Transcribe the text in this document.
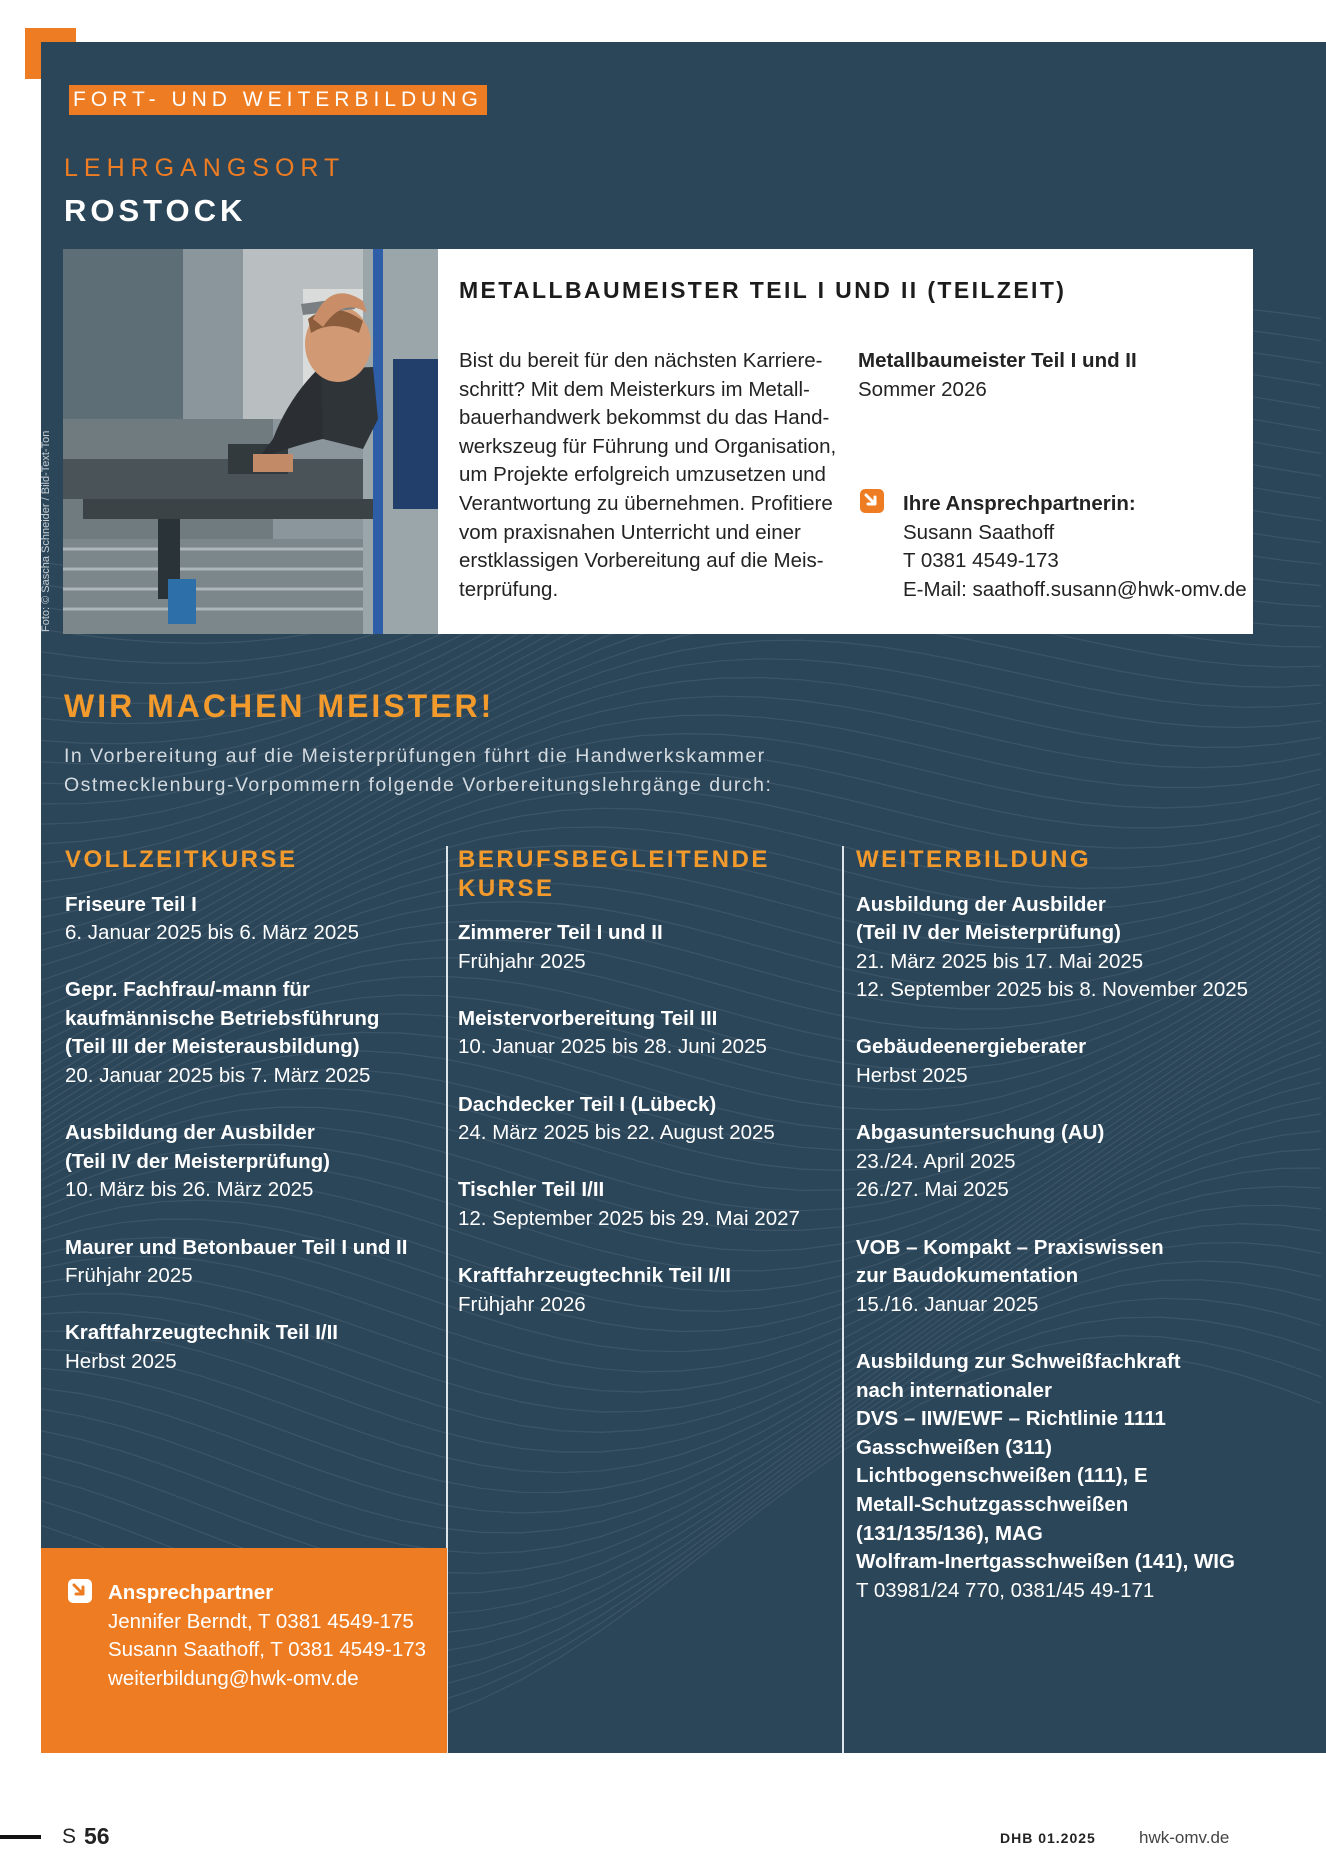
FORT- UND WEITERBILDUNG
LEHRGANGSORT
ROSTOCK
Foto: © Sascha Schneider / Bild-Text-Ton
METALLBAUMEISTER TEIL I UND II (TEILZEIT)
Bist du bereit für den nächsten Karriere-
schritt? Mit dem Meisterkurs im Metall-
bauerhandwerk bekommst du das Hand-
werkszeug für Führung und Organisation,
um Projekte erfolgreich umzusetzen und
Verantwortung zu übernehmen. Profitiere
vom praxisnahen Unterricht und einer
erstklassigen Vorbereitung auf die Meis-
terprüfung.
Metallbaumeister Teil I und II
Sommer 2026
Ihre Ansprechpartnerin:
Susann Saathoff
T 0381 4549-173
E-Mail: saathoff.susann@hwk-omv.de
WIR MACHEN MEISTER!
In Vorbereitung auf die Meisterprüfungen führt die Handwerkskammer
Ostmecklenburg-Vorpommern folgende Vorbereitungslehrgänge durch:
VOLLZEITKURSE
Friseure Teil I
6. Januar 2025 bis 6. März 2025
Gepr. Fachfrau/-mann für
kaufmännische Betriebsführung
(Teil III der Meisterausbildung)
20. Januar 2025 bis 7. März 2025
Ausbildung der Ausbilder
(Teil IV der Meisterprüfung)
10. März bis 26. März 2025
Maurer und Betonbauer Teil I und II
Frühjahr 2025
Kraftfahrzeugtechnik Teil I/II
Herbst 2025
BERUFSBEGLEITENDE
KURSE
Zimmerer Teil I und II
Frühjahr 2025
Meistervorbereitung Teil III
10. Januar 2025 bis 28. Juni 2025
Dachdecker Teil I (Lübeck)
24. März 2025 bis 22. August 2025
Tischler Teil I/II
12. September 2025 bis 29. Mai 2027
Kraftfahrzeugtechnik Teil I/II
Frühjahr 2026
WEITERBILDUNG
Ausbildung der Ausbilder
(Teil IV der Meisterprüfung)
21. März 2025 bis 17. Mai 2025
12. September 2025 bis 8. November 2025
Gebäudeenergieberater
Herbst 2025
Abgasuntersuchung (AU)
23./24. April 2025
26./27. Mai 2025
VOB – Kompakt – Praxiswissen
zur Baudokumentation
15./16. Januar 2025
Ausbildung zur Schweißfachkraft
nach internationaler
DVS – IIW/EWF – Richtlinie 1111
Gasschweißen (311)
Lichtbogenschweißen (111), E
Metall-Schutzgasschweißen
(131/135/136), MAG
Wolfram-Inertgasschweißen (141), WIG
T 03981/24 770, 0381/45 49-171
Ansprechpartner
Jennifer Berndt, T 0381 4549-175
Susann Saathoff, T 0381 4549-173
weiterbildung@hwk-omv.de
S 56	DHB 01.2025	hwk-omv.de
